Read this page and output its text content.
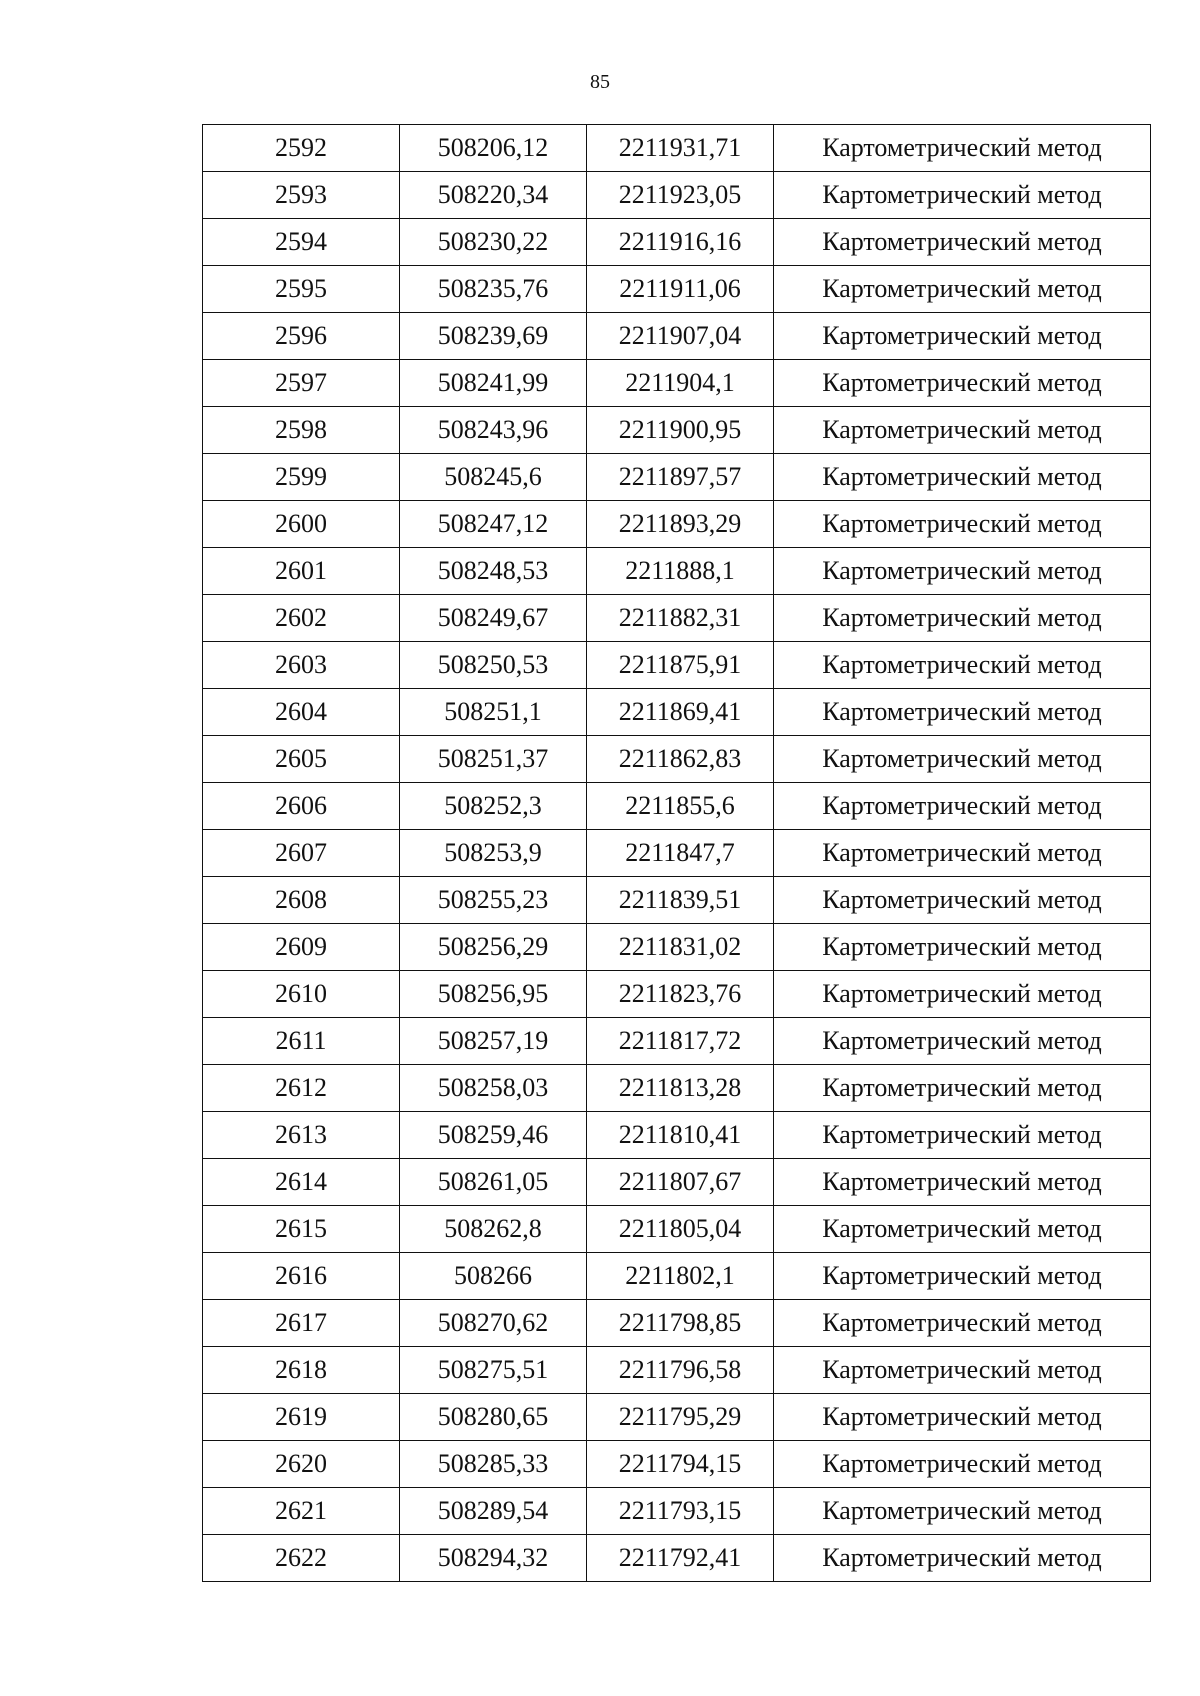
85
2592	508206,12	2211931,71	Картометрический метод
2593	508220,34	2211923,05	Картометрический метод
2594	508230,22	2211916,16	Картометрический метод
2595	508235,76	2211911,06	Картометрический метод
2596	508239,69	2211907,04	Картометрический метод
2597	508241,99	2211904,1	Картометрический метод
2598	508243,96	2211900,95	Картометрический метод
2599	508245,6	2211897,57	Картометрический метод
2600	508247,12	2211893,29	Картометрический метод
2601	508248,53	2211888,1	Картометрический метод
2602	508249,67	2211882,31	Картометрический метод
2603	508250,53	2211875,91	Картометрический метод
2604	508251,1	2211869,41	Картометрический метод
2605	508251,37	2211862,83	Картометрический метод
2606	508252,3	2211855,6	Картометрический метод
2607	508253,9	2211847,7	Картометрический метод
2608	508255,23	2211839,51	Картометрический метод
2609	508256,29	2211831,02	Картометрический метод
2610	508256,95	2211823,76	Картометрический метод
2611	508257,19	2211817,72	Картометрический метод
2612	508258,03	2211813,28	Картометрический метод
2613	508259,46	2211810,41	Картометрический метод
2614	508261,05	2211807,67	Картометрический метод
2615	508262,8	2211805,04	Картометрический метод
2616	508266	2211802,1	Картометрический метод
2617	508270,62	2211798,85	Картометрический метод
2618	508275,51	2211796,58	Картометрический метод
2619	508280,65	2211795,29	Картометрический метод
2620	508285,33	2211794,15	Картометрический метод
2621	508289,54	2211793,15	Картометрический метод
2622	508294,32	2211792,41	Картометрический метод
